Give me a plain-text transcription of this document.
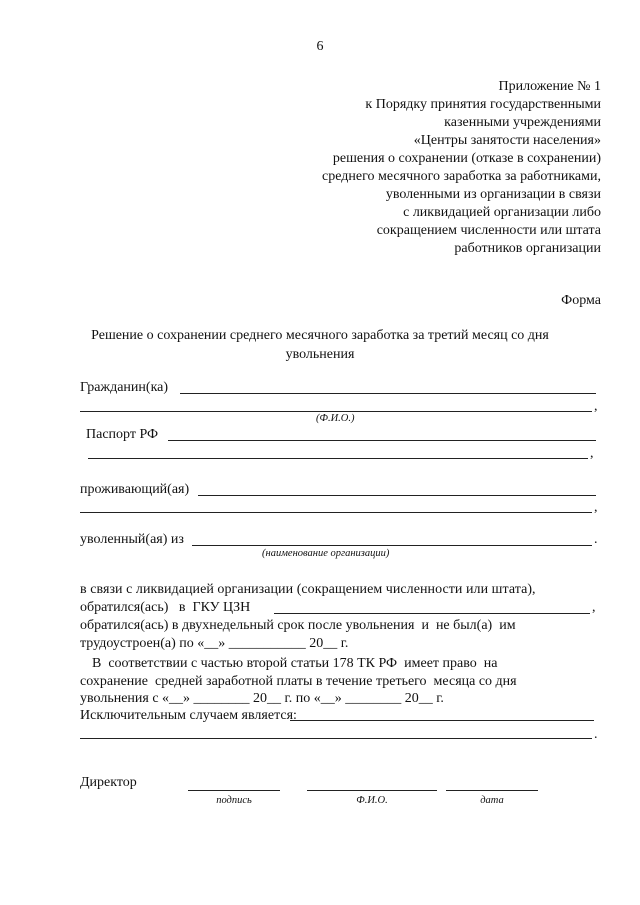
6
Приложение № 1
к Порядку принятия государственными
казенными учреждениями
«Центры занятости населения»
решения о сохранении (отказе в сохранении)
среднего месячного заработка за работниками,
уволенными из организации в связи
с ликвидацией организации либо
сокращением численности или штата
работников организации
Форма
Решение о сохранении среднего месячного заработка за третий месяц со дня
увольнения
Гражданин(ка)
,
(Ф.И.О.)
Паспорт РФ
,
проживающий(ая)
,
уволенный(ая) из	.
(наименование организации)
в связи с ликвидацией организации (сокращением численности или штата),
обратился(ась)   в  ГКУ ЦЗН	,
обратился(ась) в двухнедельный срок после увольнения  и  не был(а)  им
трудоустроен(а) по «__» ___________ 20__ г.
В  соответствии с частью второй статьи 178 ТК РФ  имеет право  на
сохранение  средней заработной платы в течение третьего  месяца со дня
увольнения с «__» ________ 20__ г. по «__» ________ 20__ г.
Исключительным случаем является:
.
Директор
подпись	Ф.И.О.	дата
